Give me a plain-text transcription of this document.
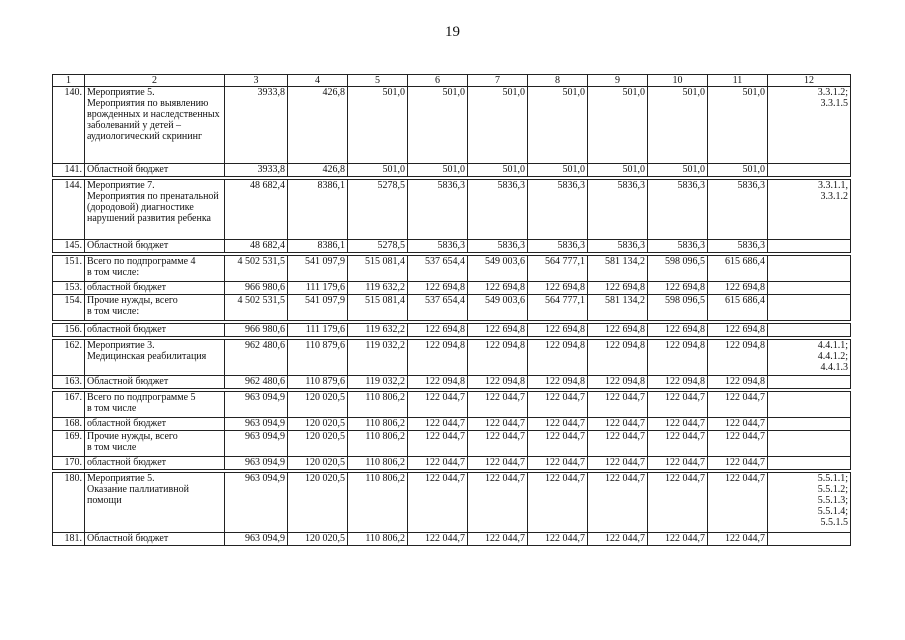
19
1	2	3	4	5	6	7	8	9	10	11	12
140.	Мероприятие 5.
Мероприятия по выявлению врожденных и наследственных заболеваний у детей – аудиологический скрининг	3933,8	426,8	501,0	501,0	501,0	501,0	501,0	501,0	501,0	3.3.1.2;
3.3.1.5
141.	Областной бюджет	3933,8	426,8	501,0	501,0	501,0	501,0	501,0	501,0	501,0	

144.	Мероприятие 7.
Мероприятия по пренатальной (дородовой) диагностике нарушений развития ребенка	48 682,4	8386,1	5278,5	5836,3	5836,3	5836,3	5836,3	5836,3	5836,3	3.3.1.1,
3.3.1.2
145.	Областной бюджет	48 682,4	8386,1	5278,5	5836,3	5836,3	5836,3	5836,3	5836,3	5836,3	

151.	Всего по подпрограмме 4
в том числе:	4 502 531,5	541 097,9	515 081,4	537 654,4	549 003,6	564 777,1	581 134,2	598 096,5	615 686,4	
153.	областной бюджет	966 980,6	111 179,6	119 632,2	122 694,8	122 694,8	122 694,8	122 694,8	122 694,8	122 694,8	
154.	Прочие нужды, всего
в том числе:	4 502 531,5	541 097,9	515 081,4	537 654,4	549 003,6	564 777,1	581 134,2	598 096,5	615 686,4	

156.	областной бюджет	966 980,6	111 179,6	119 632,2	122 694,8	122 694,8	122 694,8	122 694,8	122 694,8	122 694,8	

162.	Мероприятие 3.
Медицинская реабилитация	962 480,6	110 879,6	119 032,2	122 094,8	122 094,8	122 094,8	122 094,8	122 094,8	122 094,8	4.4.1.1;
4.4.1.2;
4.4.1.3
163.	Областной бюджет	962 480,6	110 879,6	119 032,2	122 094,8	122 094,8	122 094,8	122 094,8	122 094,8	122 094,8	

167.	Всего по подпрограмме 5
в том числе	963 094,9	120 020,5	110 806,2	122 044,7	122 044,7	122 044,7	122 044,7	122 044,7	122 044,7	
168.	областной бюджет	963 094,9	120 020,5	110 806,2	122 044,7	122 044,7	122 044,7	122 044,7	122 044,7	122 044,7	
169.	Прочие нужды, всего
в том числе	963 094,9	120 020,5	110 806,2	122 044,7	122 044,7	122 044,7	122 044,7	122 044,7	122 044,7	
170.	областной бюджет	963 094,9	120 020,5	110 806,2	122 044,7	122 044,7	122 044,7	122 044,7	122 044,7	122 044,7	

180.	Мероприятие 5.
Оказание паллиативной помощи	963 094,9	120 020,5	110 806,2	122 044,7	122 044,7	122 044,7	122 044,7	122 044,7	122 044,7	5.5.1.1;
5.5.1.2;
5.5.1.3;
5.5.1.4;
5.5.1.5
181.	Областной бюджет	963 094,9	120 020,5	110 806,2	122 044,7	122 044,7	122 044,7	122 044,7	122 044,7	122 044,7	
